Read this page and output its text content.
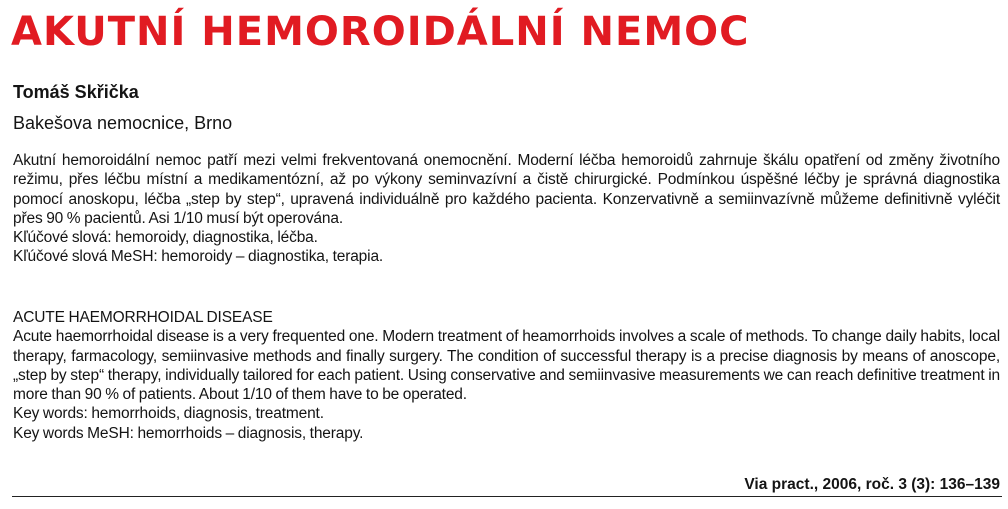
AKUTNÍ HEMOROIDÁLNÍ NEMOC
Tomáš Skřička
Bakešova nemocnice, Brno

Akutní hemoroidální nemoc patří mezi velmi frekventovaná onemocnění. Moderní léčba hemoroidů zahrnuje škálu opatření od změny životního režimu, přes léčbu místní a medikamentózní, až po výkony seminvazívní a čistě chirurgické. Podmínkou úspěšné léčby je správná diagnostika pomocí anoskopu, léčba „step by step“, upravená individuálně pro každého pacienta. Konzervativně a semiinvazívně můžeme definitivně vyléčit přes 90 % pacientů. Asi 1/10 musí být operována.

Kľúčové slová: hemoroidy, diagnostika, léčba.

Kľúčové slová MeSH: hemoroidy – diagnostika, terapia.

ACUTE HAEMORRHOIDAL DISEASE

Acute haemorrhoidal disease is a very frequented one. Modern treatment of heamorrhoids involves a scale of methods. To change daily habits, local therapy, farmacology, semiinvasive methods and finally surgery. The condition of successful therapy is a precise diagnosis by means of anoscope, „step by step“ therapy, individually tailored for each patient. Using conservative and semiinvasive measurements we can reach definitive treatment in more than 90 % of patients. About 1/10 of them have to be operated.

Key words: hemorrhoids, diagnosis, treatment.

Key words MeSH: hemorrhoids – diagnosis, therapy.

Via pract., 2006, roč. 3 (3): 136–139
